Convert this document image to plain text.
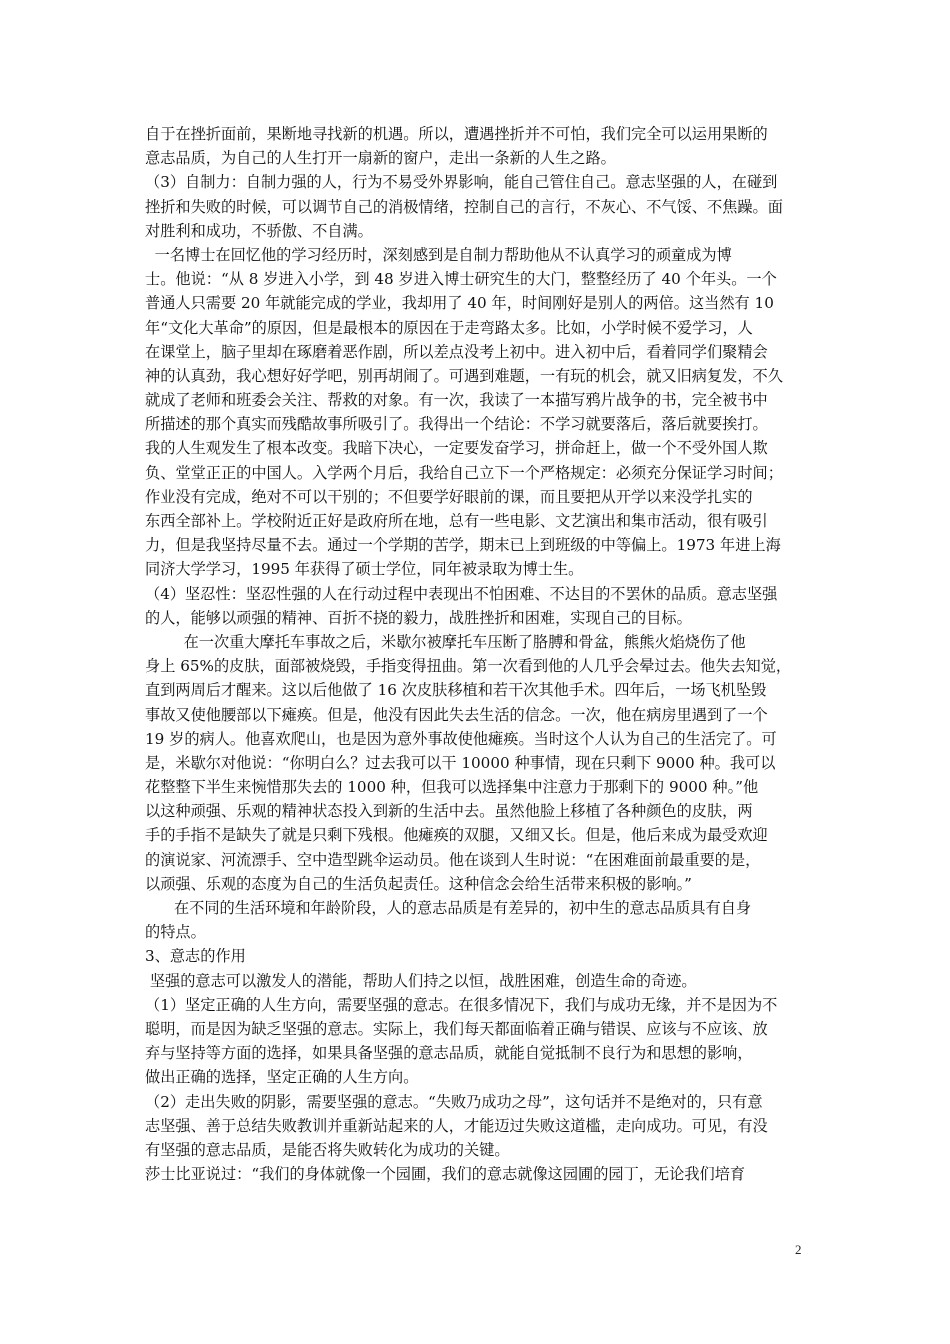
自于在挫折面前，果断地寻找新的机遇。所以，遭遇挫折并不可怕，我们完全可以运用果断的
意志品质，为自己的人生打开一扇新的窗户，走出一条新的人生之路。
（3）自制力：自制力强的人，行为不易受外界影响，能自己管住自己。意志坚强的人，在碰到
挫折和失败的时候，可以调节自己的消极情绪，控制自己的言行，不灰心、不气馁、不焦躁。面
对胜利和成功，不骄傲、不自满。
一名博士在回忆他的学习经历时，深刻感到是自制力帮助他从不认真学习的顽童成为博
士。他说：“从 8 岁进入小学，到 48 岁进入博士研究生的大门，整整经历了 40 个年头。一个
普通人只需要 20 年就能完成的学业，我却用了 40 年，时间刚好是别人的两倍。这当然有 10
年“文化大革命”的原因，但是最根本的原因在于走弯路太多。比如，小学时候不爱学习，人
在课堂上，脑子里却在琢磨着恶作剧，所以差点没考上初中。进入初中后，看着同学们聚精会
神的认真劲，我心想好好学吧，别再胡闹了。可遇到难题，一有玩的机会，就又旧病复发，不久
就成了老师和班委会关注、帮救的对象。有一次，我读了一本描写鸦片战争的书，完全被书中
所描述的那个真实而残酷故事所吸引了。我得出一个结论：不学习就要落后，落后就要挨打。
我的人生观发生了根本改变。我暗下决心，一定要发奋学习，拼命赶上，做一个不受外国人欺
负、堂堂正正的中国人。入学两个月后，我给自己立下一个严格规定：必须充分保证学习时间；
作业没有完成，绝对不可以干别的；不但要学好眼前的课，而且要把从开学以来没学扎实的
东西全部补上。学校附近正好是政府所在地，总有一些电影、文艺演出和集市活动，很有吸引
力，但是我坚持尽量不去。通过一个学期的苦学，期末已上到班级的中等偏上。1973 年进上海
同济大学学习，1995 年获得了硕士学位，同年被录取为博士生。
（4）坚忍性：坚忍性强的人在行动过程中表现出不怕困难、不达目的不罢休的品质。意志坚强
的人，能够以顽强的精神、百折不挠的毅力，战胜挫折和困难，实现自己的目标。
在一次重大摩托车事故之后，米歇尔被摩托车压断了胳膊和骨盆，熊熊火焰烧伤了他
身上 65%的皮肤，面部被烧毁，手指变得扭曲。第一次看到他的人几乎会晕过去。他失去知觉，
直到两周后才醒来。这以后他做了 16 次皮肤移植和若干次其他手术。四年后，一场飞机坠毁
事故又使他腰部以下瘫痪。但是，他没有因此失去生活的信念。一次，他在病房里遇到了一个
19 岁的病人。他喜欢爬山，也是因为意外事故使他瘫痪。当时这个人认为自己的生活完了。可
是，米歇尔对他说：“你明白么？过去我可以干 10000 种事情，现在只剩下 9000 种。我可以
花整整下半生来惋惜那失去的 1000 种，但我可以选择集中注意力于那剩下的 9000 种。”他
以这种顽强、乐观的精神状态投入到新的生活中去。虽然他脸上移植了各种颜色的皮肤，两
手的手指不是缺失了就是只剩下残根。他瘫痪的双腿，又细又长。但是，他后来成为最受欢迎
的演说家、河流漂手、空中造型跳伞运动员。他在谈到人生时说：“在困难面前最重要的是，
以顽强、乐观的态度为自己的生活负起责任。这种信念会给生活带来积极的影响。”
在不同的生活环境和年龄阶段，人的意志品质是有差异的，初中生的意志品质具有自身
的特点。
3、意志的作用
坚强的意志可以激发人的潜能，帮助人们持之以恒，战胜困难，创造生命的奇迹。
（1）坚定正确的人生方向，需要坚强的意志。在很多情况下，我们与成功无缘，并不是因为不
聪明，而是因为缺乏坚强的意志。实际上，我们每天都面临着正确与错误、应该与不应该、放
弃与坚持等方面的选择，如果具备坚强的意志品质，就能自觉抵制不良行为和思想的影响，
做出正确的选择，坚定正确的人生方向。
（2）走出失败的阴影，需要坚强的意志。“失败乃成功之母”，这句话并不是绝对的，只有意
志坚强、善于总结失败教训并重新站起来的人，才能迈过失败这道槛，走向成功。可见，有没
有坚强的意志品质，是能否将失败转化为成功的关键。
莎士比亚说过：“我们的身体就像一个园圃，我们的意志就像这园圃的园丁，无论我们培育
2
